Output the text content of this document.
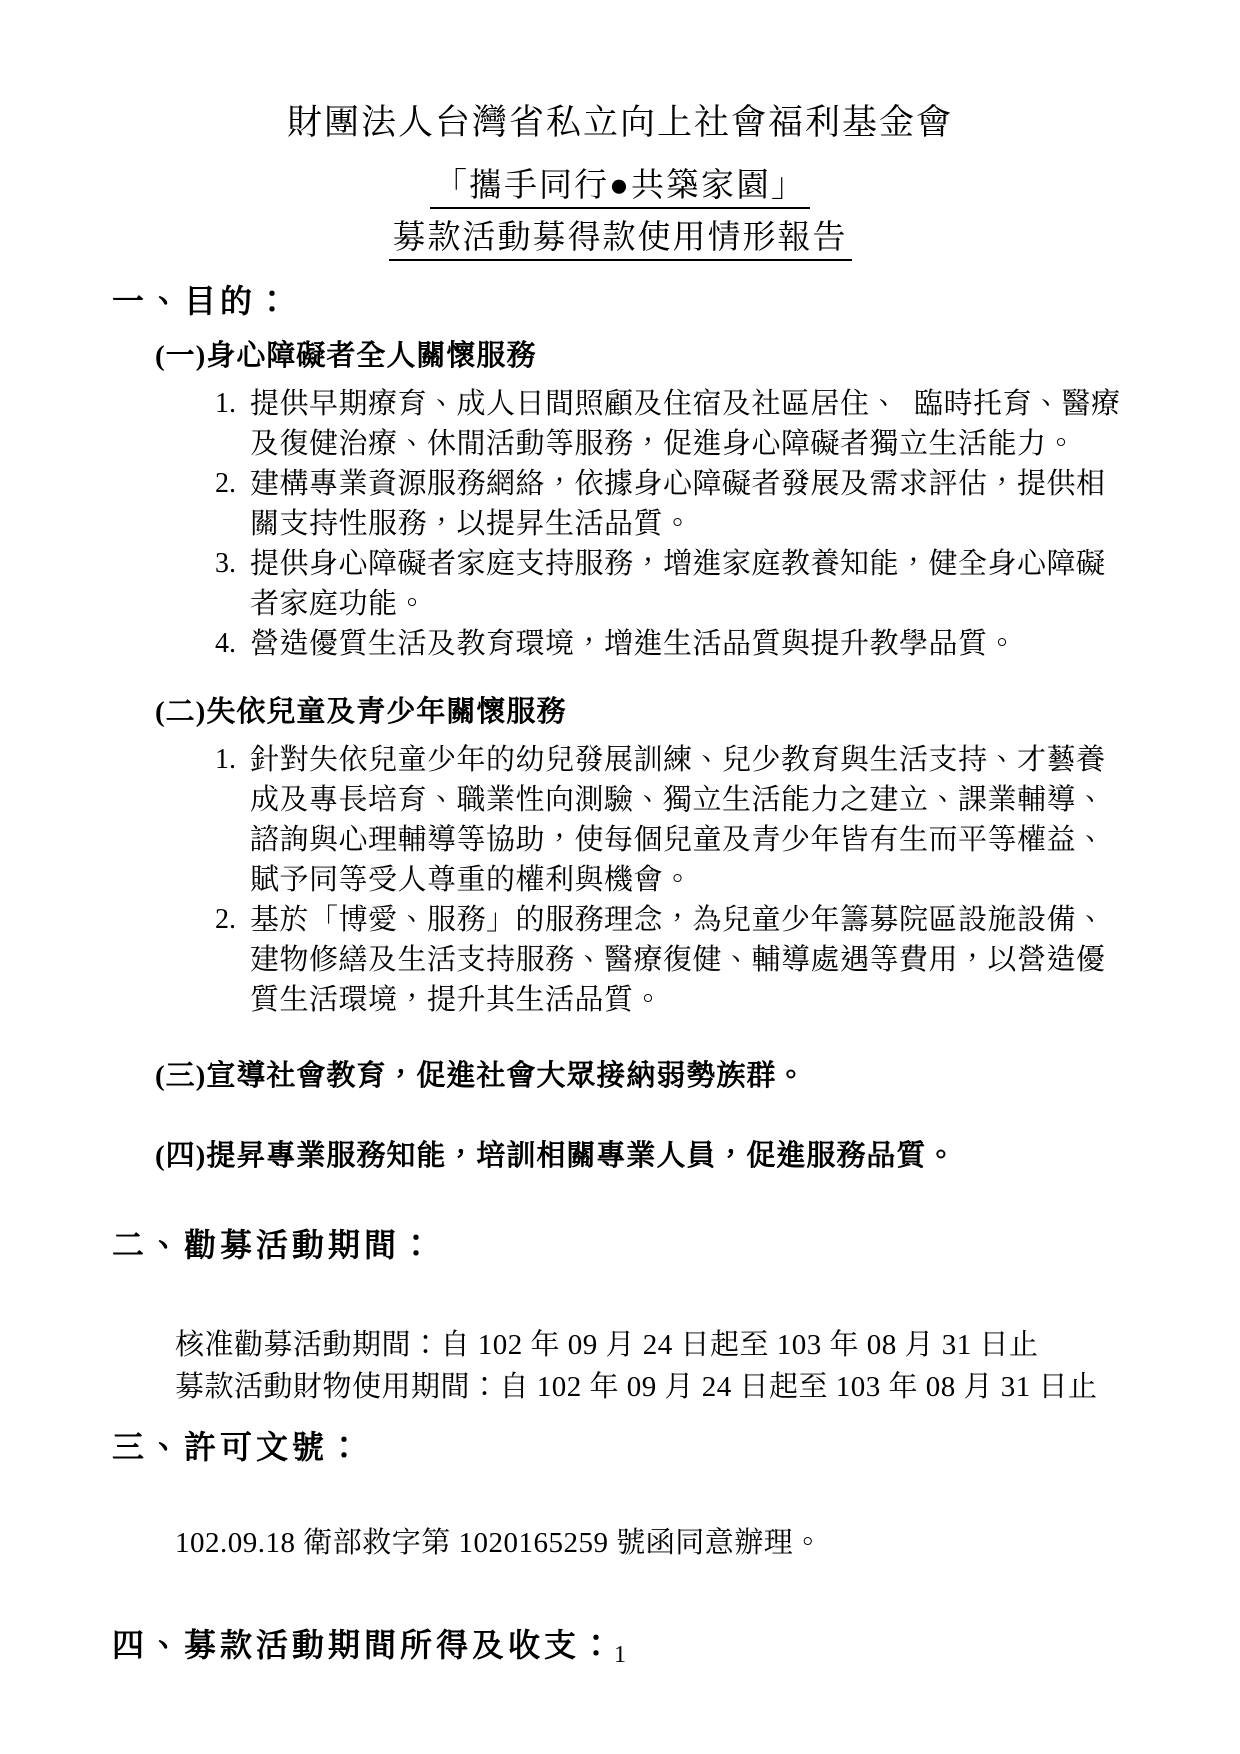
財團法人台灣省私立向上社會福利基金會
「攜手同行●共築家園」
募款活動募得款使用情形報告
一、目的：
(一)身心障礙者全人關懷服務
1. 提供早期療育、成人日間照顧及住宿及社區居住、 臨時托育、醫療
及復健治療、休閒活動等服務，促進身心障礙者獨立生活能力。
2. 建構專業資源服務網絡，依據身心障礙者發展及需求評估，提供相
關支持性服務，以提昇生活品質。
3. 提供身心障礙者家庭支持服務，增進家庭教養知能，健全身心障礙
者家庭功能。
4. 營造優質生活及教育環境，增進生活品質與提升教學品質。
(二)失依兒童及青少年關懷服務
1. 針對失依兒童少年的幼兒發展訓練、兒少教育與生活支持、才藝養
成及專長培育、職業性向測驗、獨立生活能力之建立、課業輔導、
諮詢與心理輔導等協助，使每個兒童及青少年皆有生而平等權益、
賦予同等受人尊重的權利與機會。
2. 基於「博愛、服務」的服務理念，為兒童少年籌募院區設施設備、
建物修繕及生活支持服務、醫療復健、輔導處遇等費用，以營造優
質生活環境，提升其生活品質。
(三)宣導社會教育，促進社會大眾接納弱勢族群。
(四)提昇專業服務知能，培訓相關專業人員，促進服務品質。
二、勸募活動期間：
核准勸募活動期間：自 102 年 09 月 24 日起至 103 年 08 月 31 日止
募款活動財物使用期間：自 102 年 09 月 24 日起至 103 年 08 月 31 日止
三、許可文號：
102.09.18 衛部救字第 1020165259 號函同意辦理。
四、募款活動期間所得及收支：
1
